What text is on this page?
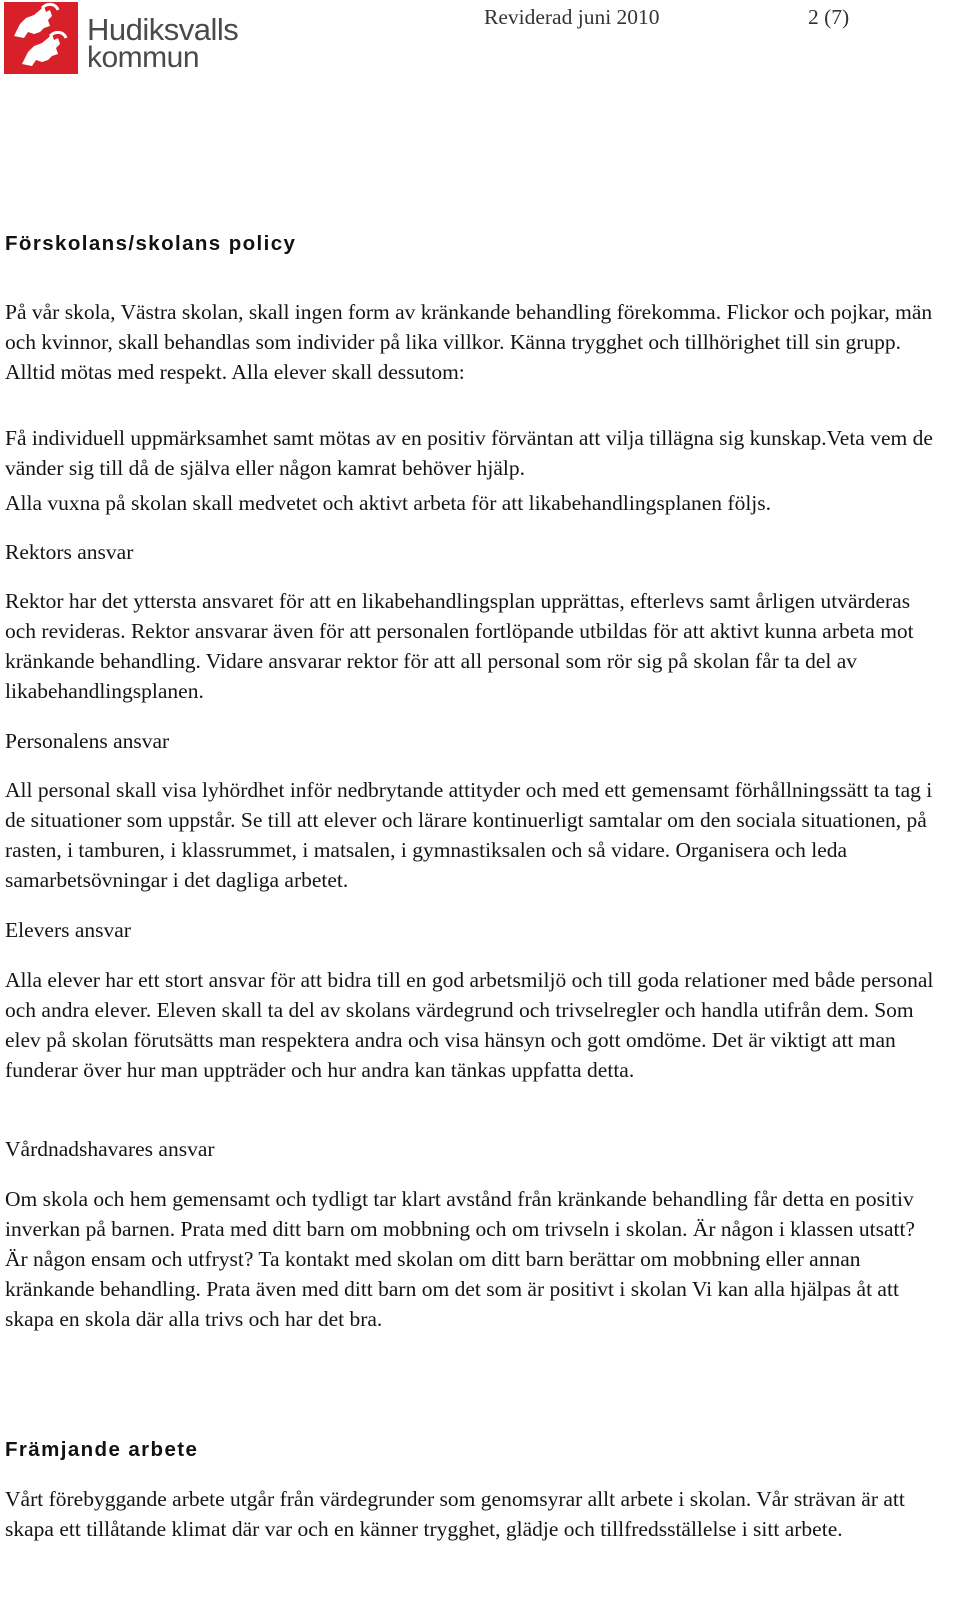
Hudiksvalls
kommun
Reviderad juni 2010	2 (7)
Förskolans/skolans policy

På vår skola, Västra skolan, skall ingen form av kränkande behandling förekomma. Flickor och pojkar, män och kvinnor, skall behandlas som individer på lika villkor. Känna trygghet och tillhörighet till sin grupp. Alltid mötas med respekt. Alla elever skall dessutom:

Få individuell uppmärksamhet samt mötas av en positiv förväntan att vilja tillägna sig kunskap.Veta vem de vänder sig till då de själva eller någon kamrat behöver hjälp.

Alla vuxna på skolan skall medvetet och aktivt arbeta för att likabehandlingsplanen följs.

Rektors ansvar

Rektor har det yttersta ansvaret för att en likabehandlingsplan upprättas, efterlevs samt årligen utvärderas och revideras. Rektor ansvarar även för att personalen fortlöpande utbildas för att aktivt kunna arbeta mot kränkande behandling. Vidare ansvarar rektor för att all personal som rör sig på skolan får ta del av likabehandlingsplanen.

Personalens ansvar

All personal skall visa lyhördhet inför nedbrytande attityder och med ett gemensamt förhållningssätt ta tag i de situationer som uppstår. Se till att elever och lärare kontinuerligt samtalar om den sociala situationen, på rasten, i tamburen, i klassrummet, i matsalen, i gymnastiksalen och så vidare. Organisera och leda samarbetsövningar i det dagliga arbetet.

Elevers ansvar

Alla elever har ett stort ansvar för att bidra till en god arbetsmiljö och till goda relationer med både personal och andra elever. Eleven skall ta del av skolans värdegrund och trivselregler och handla utifrån dem. Som elev på skolan förutsätts man respektera andra och visa hänsyn och gott omdöme. Det är viktigt att man funderar över hur man uppträder och hur andra kan tänkas uppfatta detta.

Vårdnadshavares ansvar

Om skola och hem gemensamt och tydligt tar klart avstånd från kränkande behandling får detta en positiv inverkan på barnen. Prata med ditt barn om mobbning och om trivseln i skolan. Är någon i klassen utsatt? Är någon ensam och utfryst? Ta kontakt med skolan om ditt barn berättar om mobbning eller annan kränkande behandling. Prata även med ditt barn om det som är positivt i skolan Vi kan alla hjälpas åt att skapa en skola där alla trivs och har det bra.

Främjande arbete

Vårt förebyggande arbete utgår från värdegrunder som genomsyrar allt arbete i skolan. Vår strävan är att skapa ett tillåtande klimat där var och en känner trygghet, glädje och tillfredsställelse i sitt arbete.
